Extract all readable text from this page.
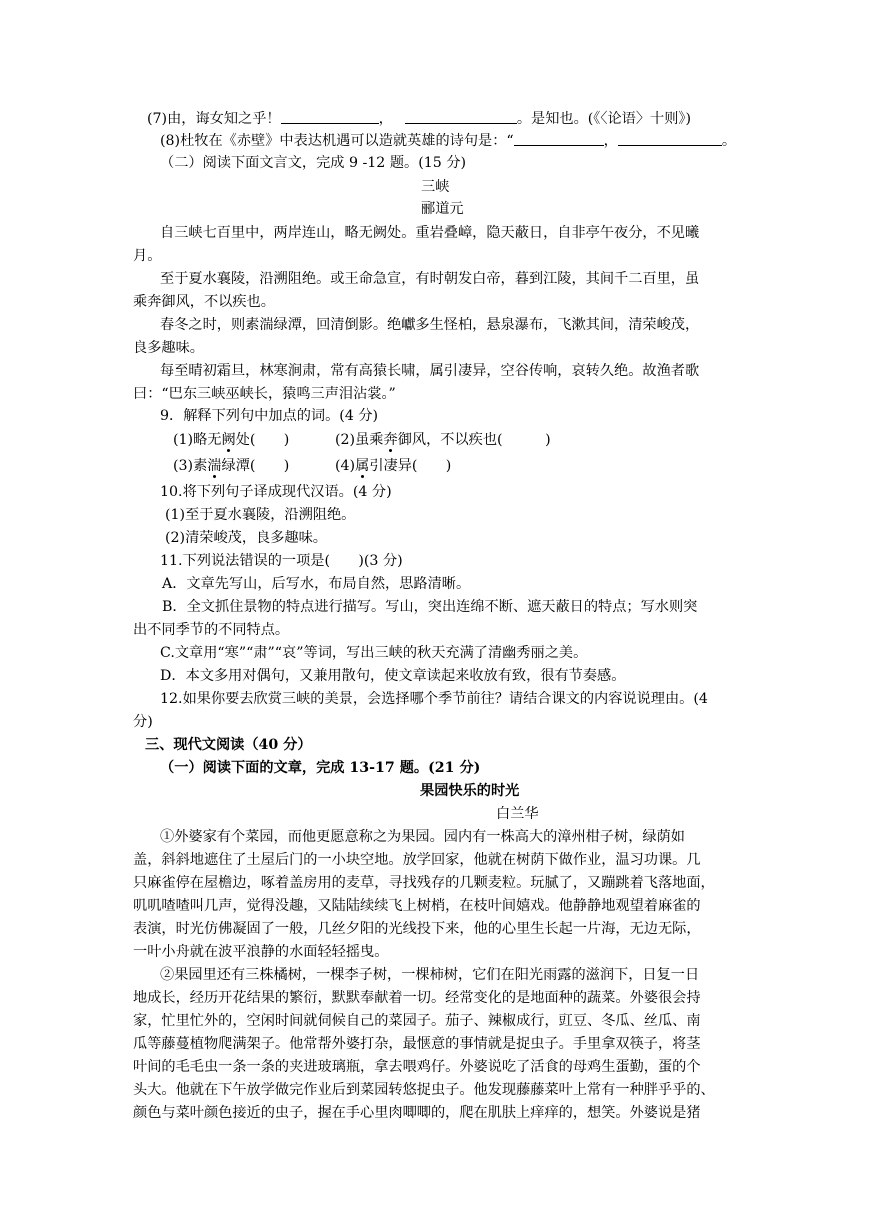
(7)由，诲女知之乎！	，	。是知也。(《〈论语〉十则》)
(8)杜牧在《赤壁》中表达机遇可以造就英雄的诗句是：“	，	。
（二）阅读下面文言文，完成 9 -12 题。(15 分)
三峡
郦道元
自三峡七百里中，两岸连山，略无阙处。重岩叠嶂，隐天蔽日，自非亭午夜分，不见曦
月。
至于夏水襄陵，沿溯阻绝。或王命急宣，有时朝发白帝，暮到江陵，其间千二百里，虽
乘奔御风，不以疾也。
春冬之时，则素湍绿潭，回清倒影。绝巘多生怪柏，悬泉瀑布，飞漱其间，清荣峻茂，
良多趣味。
每至晴初霜旦，林寒涧肃，常有高猿长啸，属引凄异，空谷传响，哀转久绝。故渔者歌
曰：“巴东三峡巫峡长，猿鸣三声泪沾裳。”
9．解释下列句中加点的词。(4 分)
(1)略无阙处(　　)	(2)虽乘奔御风，不以疾也(　　　)
(3)素湍绿潭(　　)	(4)属引凄异(　　)
10.将下列句子译成现代汉语。(4 分)
(1)至于夏水襄陵，沿溯阻绝。
(2)清荣峻茂，良多趣味。
11.下列说法错误的一项是(　　)(3 分)
A．文章先写山，后写水，布局自然，思路清晰。
B．全文抓住景物的特点进行描写。写山，突出连绵不断、遮天蔽日的特点；写水则突
出不同季节的不同特点。
C.文章用“寒”“肃”“哀”等词，写出三峡的秋天充满了清幽秀丽之美。
D．本文多用对偶句，又兼用散句，使文章读起来收放有致，很有节奏感。
12.如果你要去欣赏三峡的美景，会选择哪个季节前往？请结合课文的内容说说理由。(4
分)
三、现代文阅读（40 分）
（一）阅读下面的文章，完成 13-17 题。(21 分)
果园快乐的时光
白兰华
①外婆家有个菜园，而他更愿意称之为果园。园内有一株高大的漳州柑子树，绿荫如
盖，斜斜地遮住了土屋后门的一小块空地。放学回家，他就在树荫下做作业，温习功课。几
只麻雀停在屋檐边，啄着盖房用的麦草，寻找残存的几颗麦粒。玩腻了，又蹦跳着飞落地面，
叽叽喳喳叫几声，觉得没趣，又陆陆续续飞上树梢，在枝叶间嬉戏。他静静地观望着麻雀的
表演，时光仿佛凝固了一般，几丝夕阳的光线投下来，他的心里生长起一片海，无边无际，
一叶小舟就在波平浪静的水面轻轻摇曳。
②果园里还有三株橘树，一棵李子树，一棵柿树，它们在阳光雨露的滋润下，日复一日
地成长，经历开花结果的繁衍，默默奉献着一切。经常变化的是地面种的蔬菜。外婆很会持
家，忙里忙外的，空闲时间就伺候自己的菜园子。茄子、辣椒成行，豇豆、冬瓜、丝瓜、南
瓜等藤蔓植物爬满架子。他常帮外婆打杂，最惬意的事情就是捉虫子。手里拿双筷子，将茎
叶间的毛毛虫一条一条的夹进玻璃瓶，拿去喂鸡仔。外婆说吃了活食的母鸡生蛋勤，蛋的个
头大。他就在下午放学做完作业后到菜园转悠捉虫子。他发现藤藤菜叶上常有一种胖乎乎的、
颜色与菜叶颜色接近的虫子，握在手心里肉唧唧的，爬在肌肤上痒痒的，想笑。外婆说是猪
